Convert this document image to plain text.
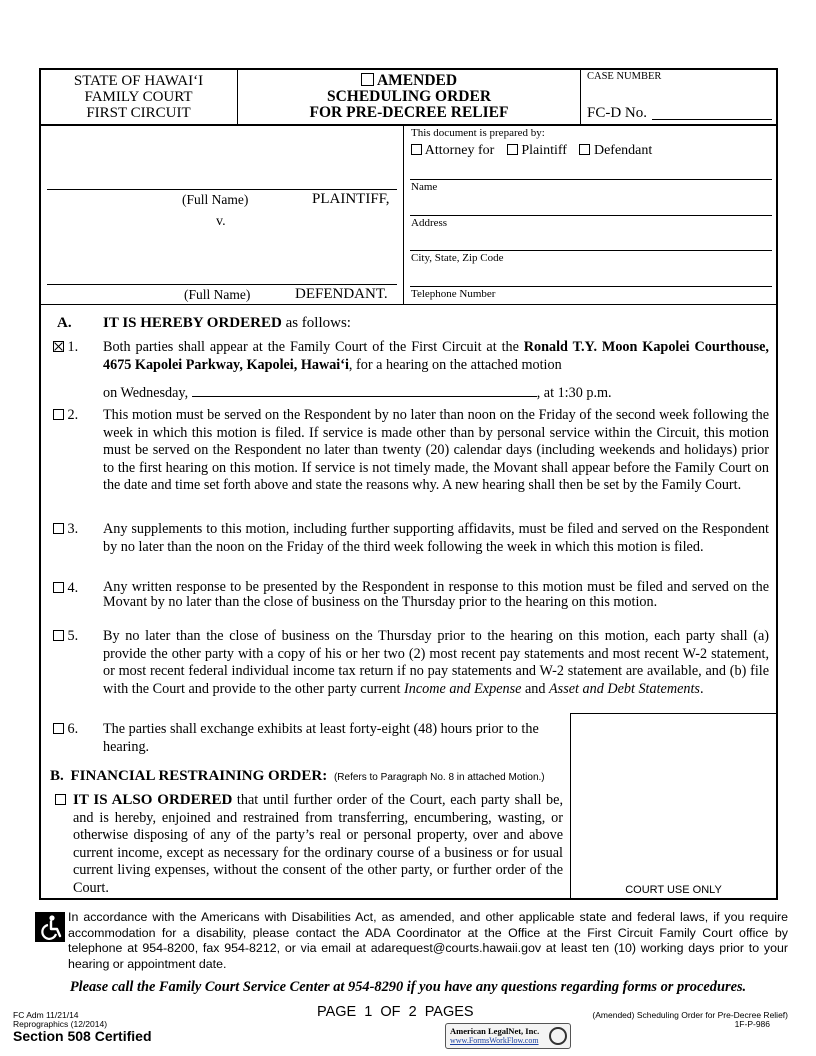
STATE OF HAWAI‘I
FAMILY COURT
FIRST CIRCUIT
AMENDED
SCHEDULING ORDER
FOR PRE-DECREE RELIEF
CASE NUMBER
FC-D No.
(Full Name)	PLAINTIFF,
v.
(Full Name)	DEFENDANT.
This document is prepared by:
Attorney for Plaintiff Defendant
Name
Address
City, State, Zip Code
Telephone Number
A. IT IS HEREBY ORDERED as follows:
1. Both parties shall appear at the Family Court of the First Circuit at the Ronald T.Y. Moon Kapolei Courthouse, 4675 Kapolei Parkway, Kapolei, Hawai‘i, for a hearing on the attached motion
on Wednesday,	, at 1:30 p.m.
2. This motion must be served on the Respondent by no later than noon on the Friday of the second week following the week in which this motion is filed. If service is made other than by personal service within the Circuit, this motion must be served on the Respondent no later than twenty (20) calendar days (including weekends and holidays) prior to the first hearing on this motion. If service is not timely made, the Movant shall appear before the Family Court on the date and time set forth above and state the reasons why. A new hearing shall then be set by the Family Court.
3. Any supplements to this motion, including further supporting affidavits, must be filed and served on the Respondent by no later than the noon on the Friday of the third week following the week in which this motion is filed.
4. Any written response to be presented by the Respondent in response to this motion must be filed and served on the Movant by no later than the close of business on the Thursday prior to the hearing on this motion.
5. By no later than the close of business on the Thursday prior to the hearing on this motion, each party shall (a) provide the other party with a copy of his or her two (2) most recent pay statements and most recent W-2 statement, or most recent federal individual income tax return if no pay statements and W-2 statement are available, and (b) file with the Court and provide to the other party current Income and Expense and Asset and Debt Statements.
COURT USE ONLY
6. The parties shall exchange exhibits at least forty-eight (48) hours prior to the hearing.
B. FINANCIAL RESTRAINING ORDER: (Refers to Paragraph No. 8 in attached Motion.)
IT IS ALSO ORDERED that until further order of the Court, each party shall be, and is hereby, enjoined and restrained from transferring, encumbering, wasting, or otherwise disposing of any of the party’s real or personal property, over and above current income, except as necessary for the ordinary course of a business or for usual current living expenses, without the consent of the other party, or further order of the Court.
In accordance with the Americans with Disabilities Act, as amended, and other applicable state and federal laws, if you require accommodation for a disability, please contact the ADA Coordinator at the Office at the First Circuit Family Court office by telephone at 954-8200, fax 954-8212, or via email at adarequest@courts.hawaii.gov at least ten (10) working days prior to your hearing or appointment date.
Please call the Family Court Service Center at 954-8290 if you have any questions regarding forms or procedures.
FC Adm 11/21/14
Reprographics (12/2014)
Section 508 Certified
PAGE  1  OF  2  PAGES	(Amended) Scheduling Order for Pre-Decree Relief)
1F-P-986
American LegalNet, Inc.
www.FormsWorkFlow.com
